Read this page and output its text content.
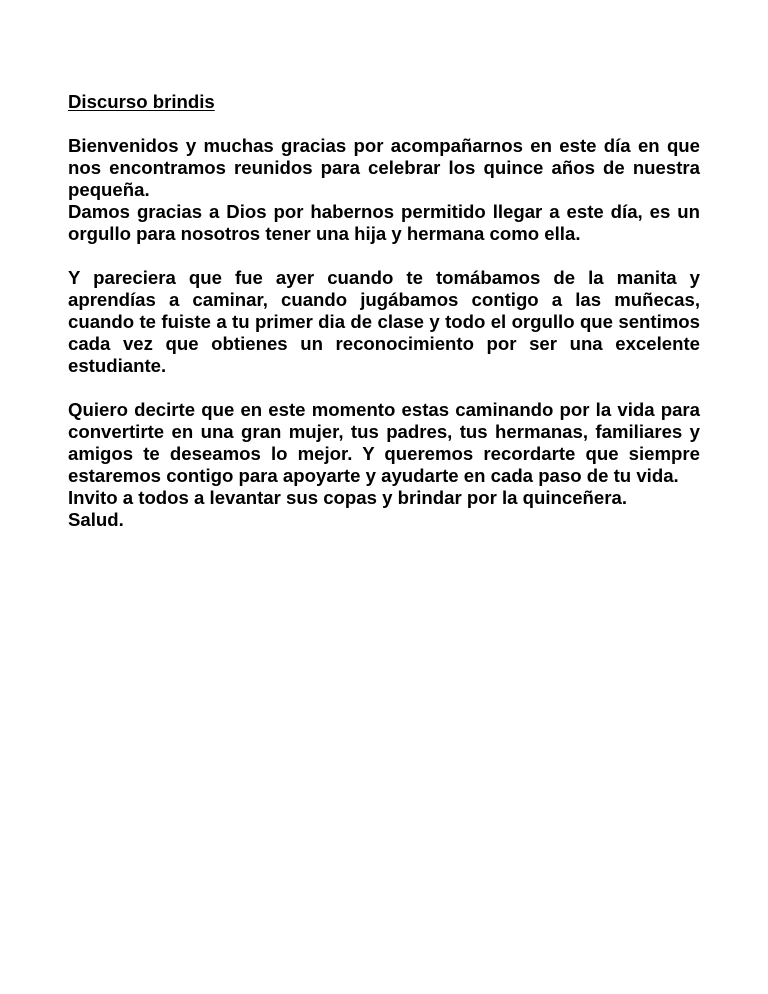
Discurso brindis

Bienvenidos y muchas gracias por acompañarnos en este día en que nos encontramos reunidos para celebrar los quince años de nuestra pequeña.

Damos gracias a Dios por habernos permitido llegar a este día, es un orgullo para nosotros tener una hija y hermana como ella.

Y pareciera que fue ayer cuando te tomábamos de la manita y aprendías a caminar, cuando jugábamos contigo a las muñecas, cuando te fuiste a tu primer dia de clase y todo el orgullo que sentimos cada vez que obtienes un reconocimiento por ser una excelente estudiante.

Quiero decirte que en este momento estas caminando por la vida para convertirte en una gran mujer, tus padres, tus hermanas, familiares y amigos te deseamos lo mejor. Y queremos recordarte que siempre estaremos contigo para apoyarte y ayudarte en cada paso de tu vida.

Invito a todos a levantar sus copas y brindar por la quinceñera.

Salud.
